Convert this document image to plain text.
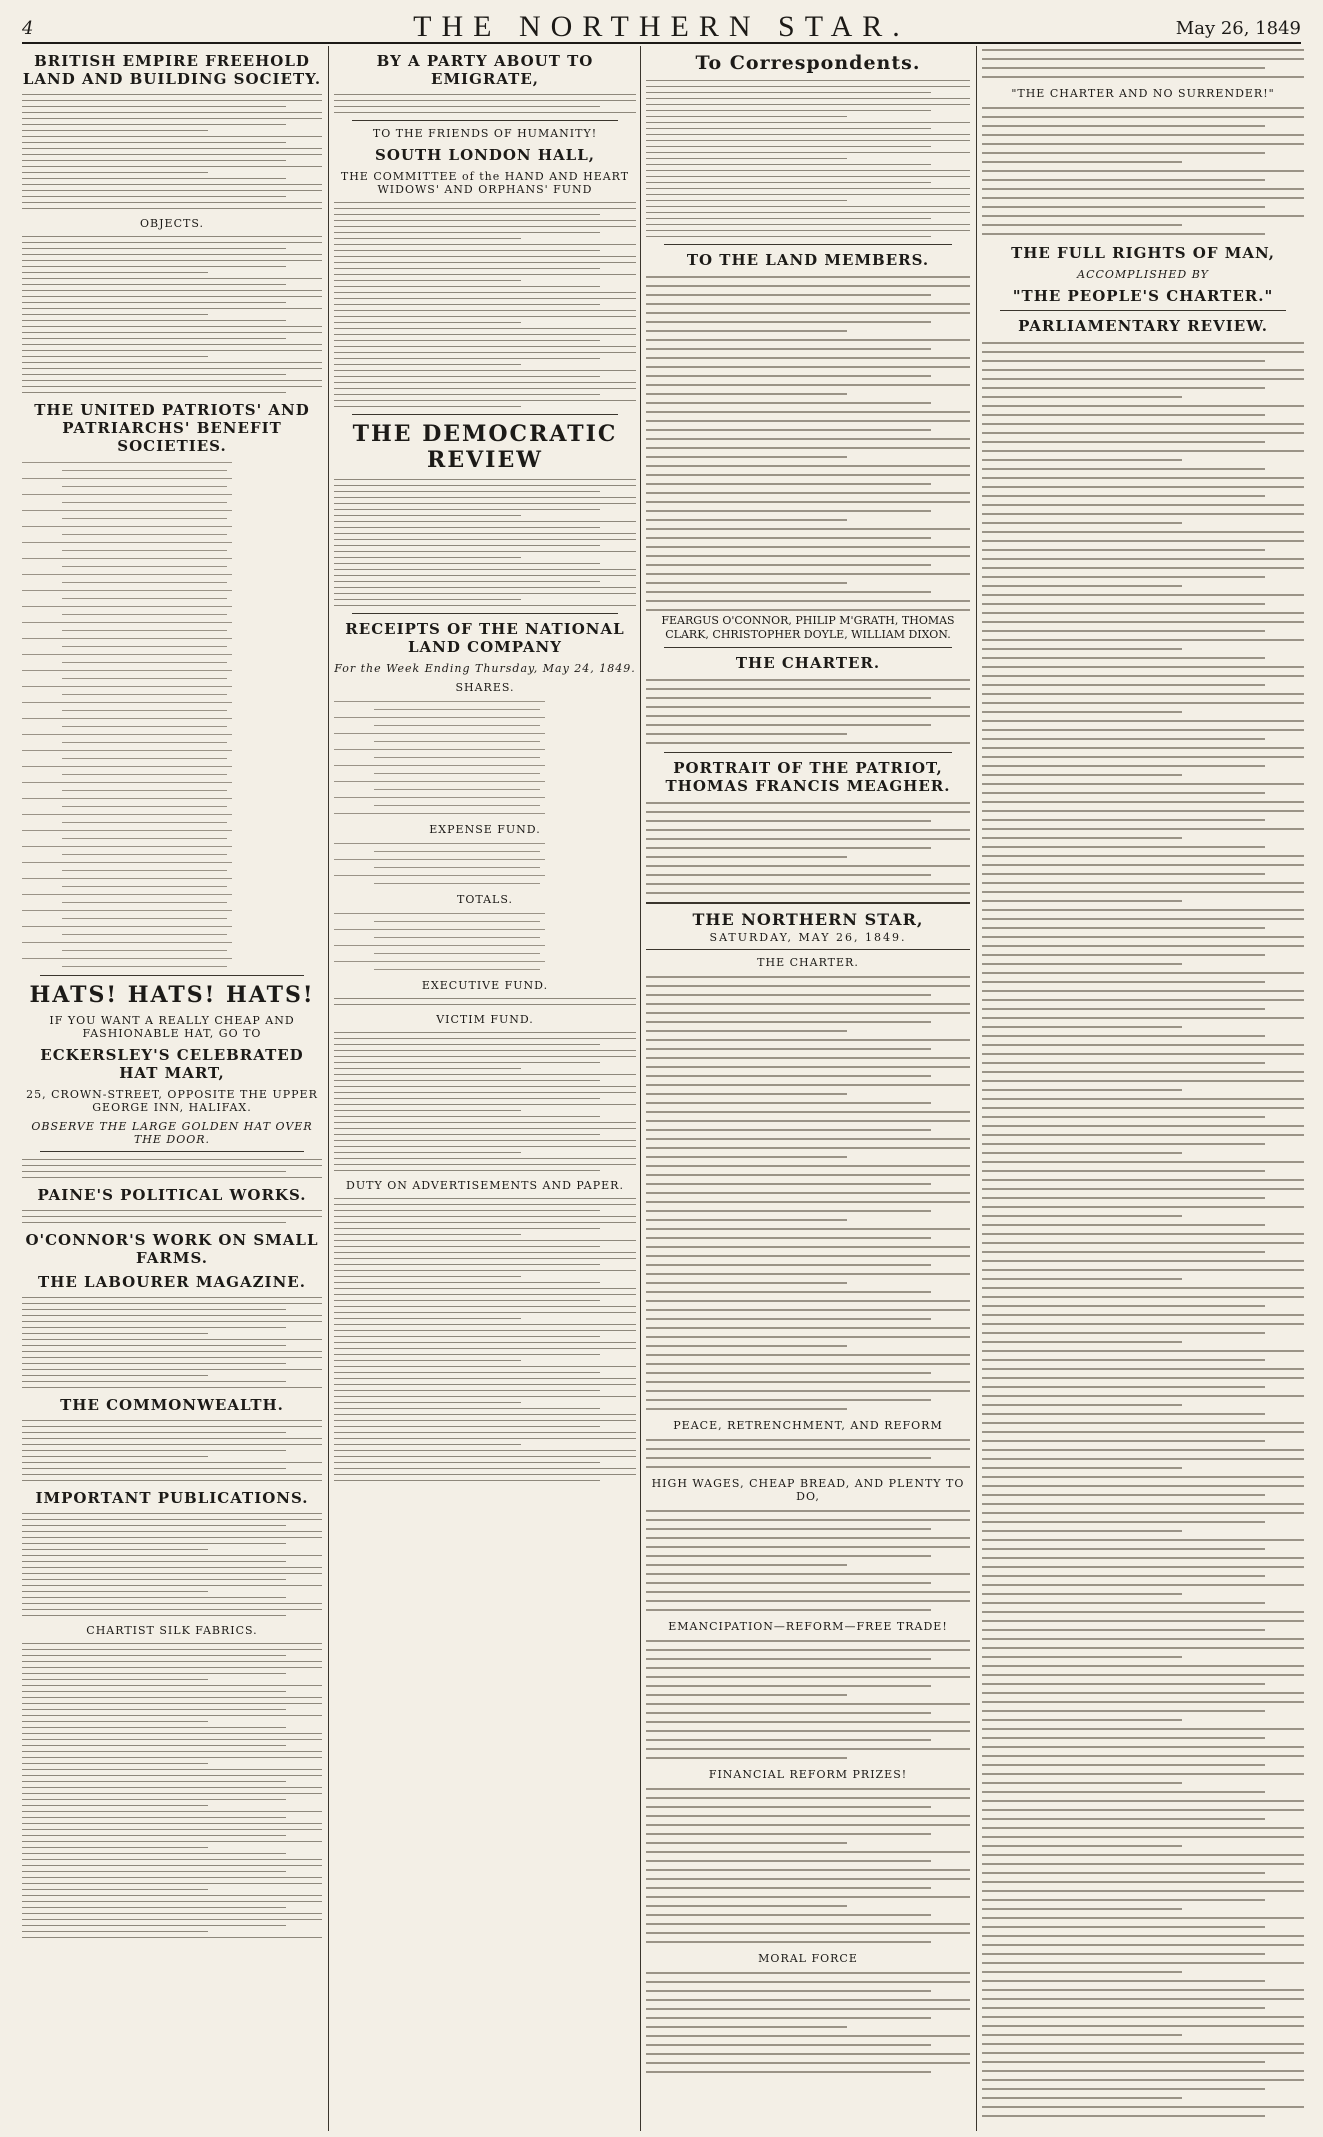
4	THE NORTHERN STAR.	May 26, 1849
BRITISH EMPIRE FREEHOLD LAND AND BUILDING SOCIETY.
OBJECTS.
THE UNITED PATRIOTS' AND PATRIARCHS' BENEFIT SOCIETIES.
HATS! HATS! HATS!
IF YOU WANT A REALLY CHEAP AND FASHIONABLE HAT, GO TO
ECKERSLEY'S CELEBRATED HAT MART,
25, CROWN-STREET, OPPOSITE THE UPPER GEORGE INN, HALIFAX.
OBSERVE THE LARGE GOLDEN HAT OVER THE DOOR.
PAINE'S POLITICAL WORKS.
O'CONNOR'S WORK ON SMALL FARMS.
THE LABOURER MAGAZINE.
THE COMMONWEALTH.
IMPORTANT PUBLICATIONS.
CHARTIST SILK FABRICS.
BY A PARTY ABOUT TO EMIGRATE,
TO THE FRIENDS OF HUMANITY!
SOUTH LONDON HALL,
THE COMMITTEE of the HAND AND HEART WIDOWS' AND ORPHANS' FUND
THE DEMOCRATIC REVIEW
RECEIPTS OF THE NATIONAL LAND COMPANY
For the Week Ending Thursday, May 24, 1849.
SHARES.
EXPENSE FUND.
TOTALS.
EXECUTIVE FUND.
VICTIM FUND.
DUTY ON ADVERTISEMENTS AND PAPER.
To Correspondents.
TO THE LAND MEMBERS.
FEARGUS O'CONNOR, PHILIP M'GRATH, THOMAS CLARK, CHRISTOPHER DOYLE, WILLIAM DIXON.
THE CHARTER.
PORTRAIT OF THE PATRIOT, THOMAS FRANCIS MEAGHER.
THE NORTHERN STAR,
SATURDAY, MAY 26, 1849.
THE CHARTER.
PEACE, RETRENCHMENT, AND REFORM
HIGH WAGES, CHEAP BREAD, AND PLENTY TO DO,
EMANCIPATION—REFORM—FREE TRADE!
FINANCIAL REFORM PRIZES!
MORAL FORCE
"THE CHARTER AND NO SURRENDER!"
THE FULL RIGHTS OF MAN,
ACCOMPLISHED BY
"THE PEOPLE'S CHARTER."
PARLIAMENTARY REVIEW.
